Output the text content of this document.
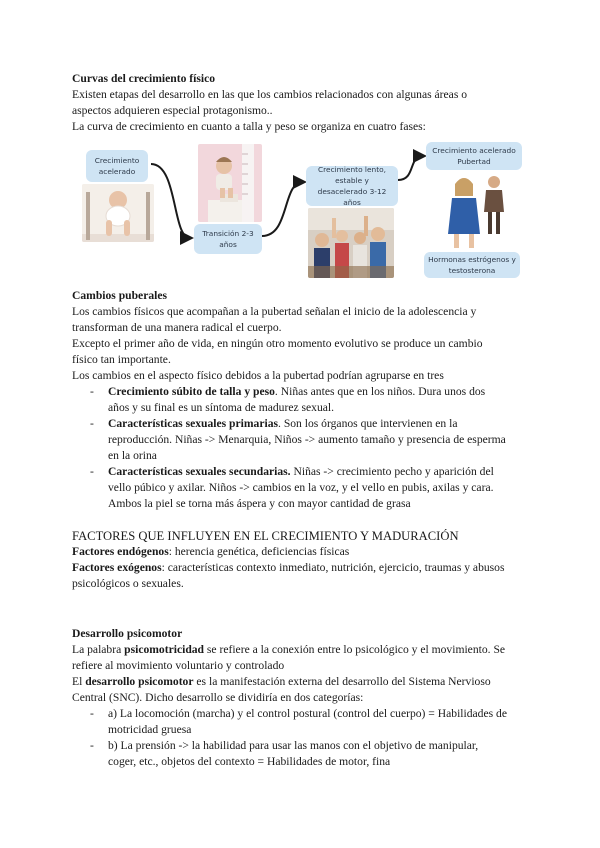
Curvas del crecimiento físico
Existen etapas del desarrollo en las que los cambios relacionados con algunas áreas o
aspectos adquieren especial protagonismo..
La curva de crecimiento en cuanto a talla y peso se organiza en cuatro fases:
Crecimiento acelerado
Transición 2-3 años
Crecimiento lento, estable y desacelerado 3-12 años
Crecimiento acelerado Pubertad
Hormonas estrógenos y testosterona
Cambios puberales
Los cambios físicos que acompañan a la pubertad señalan el inicio de la adolescencia y
transforman de una manera radical el cuerpo.
Excepto el primer año de vida, en ningún otro momento evolutivo se produce un cambio
físico tan importante.
Los cambios en el aspecto físico debidos a la pubertad podrían agruparse en tres
- Crecimiento súbito de talla y peso. Niñas antes que en los niños. Dura unos dos
años y su final es un síntoma de madurez sexual.
- Características sexuales primarias. Son los órganos que intervienen en la
reproducción. Niñas -> Menarquia, Niños -> aumento tamaño y presencia de esperma
en la orina
- Características sexuales secundarias. Niñas -> crecimiento pecho y aparición del
vello púbico y axilar. Niños -> cambios en la voz, y el vello en pubis, axilas y cara.
Ambos la piel se torna más áspera y con mayor cantidad de grasa
FACTORES QUE INFLUYEN EN EL CRECIMIENTO Y MADURACIÓN
Factores endógenos: herencia genética, deficiencias físicas
Factores exógenos: características contexto inmediato, nutrición, ejercicio, traumas y abusos
psicológicos o sexuales.
Desarrollo psicomotor
La palabra psicomotricidad se refiere a la conexión entre lo psicológico y el movimiento. Se
refiere al movimiento voluntario y controlado
El desarrollo psicomotor es la manifestación externa del desarrollo del Sistema Nervioso
Central (SNC). Dicho desarrollo se dividiría en dos categorías:
- a) La locomoción (marcha) y el control postural (control del cuerpo) = Habilidades de
motricidad gruesa
- b) La prensión -> la habilidad para usar las manos con el objetivo de manipular,
coger, etc., objetos del contexto = Habilidades de motor, fina
